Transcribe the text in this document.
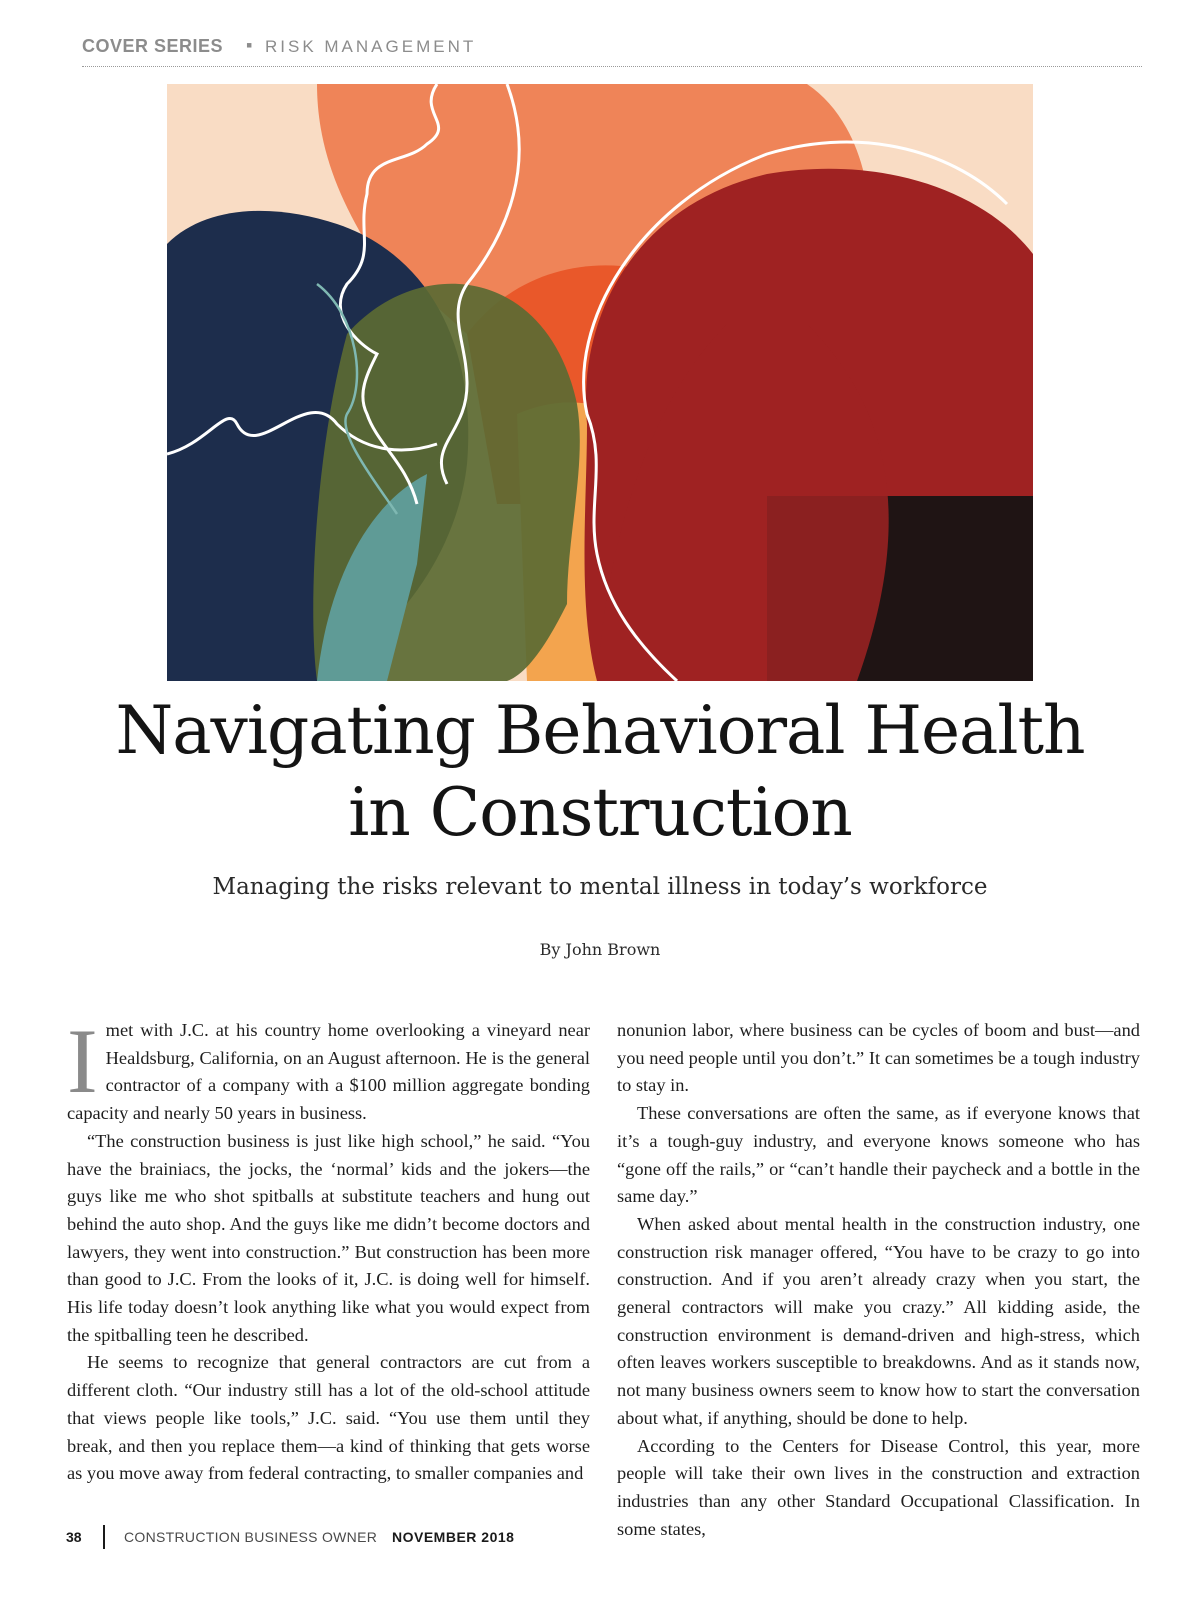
COVER SERIES ▪ RISK MANAGEMENT
Navigating Behavioral Health
in Construction
Managing the risks relevant to mental illness in today’s workforce
By John Brown

I met with J.C. at his country home overlooking a vineyard near Healdsburg, California, on an August afternoon. He is the general contractor of a company with a $100 million aggregate bonding capacity and nearly 50 years in business.

“The construction business is just like high school,” he said. “You have the brainiacs, the jocks, the ‘normal’ kids and the jokers—the guys like me who shot spitballs at substitute teachers and hung out behind the auto shop. And the guys like me didn’t become doctors and lawyers, they went into construction.” But construction has been more than good to J.C. From the looks of it, J.C. is doing well for himself. His life today doesn’t look anything like what you would expect from the spitballing teen he described.

He seems to recognize that general contractors are cut from a different cloth. “Our industry still has a lot of the old-school attitude that views people like tools,” J.C. said. “You use them until they break, and then you replace them—a kind of thinking that gets worse as you move away from federal contracting, to smaller companies and

nonunion labor, where business can be cycles of boom and bust—and you need people until you don’t.” It can sometimes be a tough industry to stay in.

These conversations are often the same, as if everyone knows that it’s a tough-guy industry, and everyone knows someone who has “gone off the rails,” or “can’t handle their paycheck and a bottle in the same day.”

When asked about mental health in the construction industry, one construction risk manager offered, “You have to be crazy to go into construction. And if you aren’t already crazy when you start, the general contractors will make you crazy.” All kidding aside, the construction environment is demand-driven and high-stress, which often leaves workers susceptible to breakdowns. And as it stands now, not many business owners seem to know how to start the conversation about what, if anything, should be done to help.

According to the Centers for Disease Control, this year, more people will take their own lives in the construction and extraction industries than any other Standard Occupational Classification. In some states,

38	CONSTRUCTION BUSINESS OWNER NOVEMBER 2018
